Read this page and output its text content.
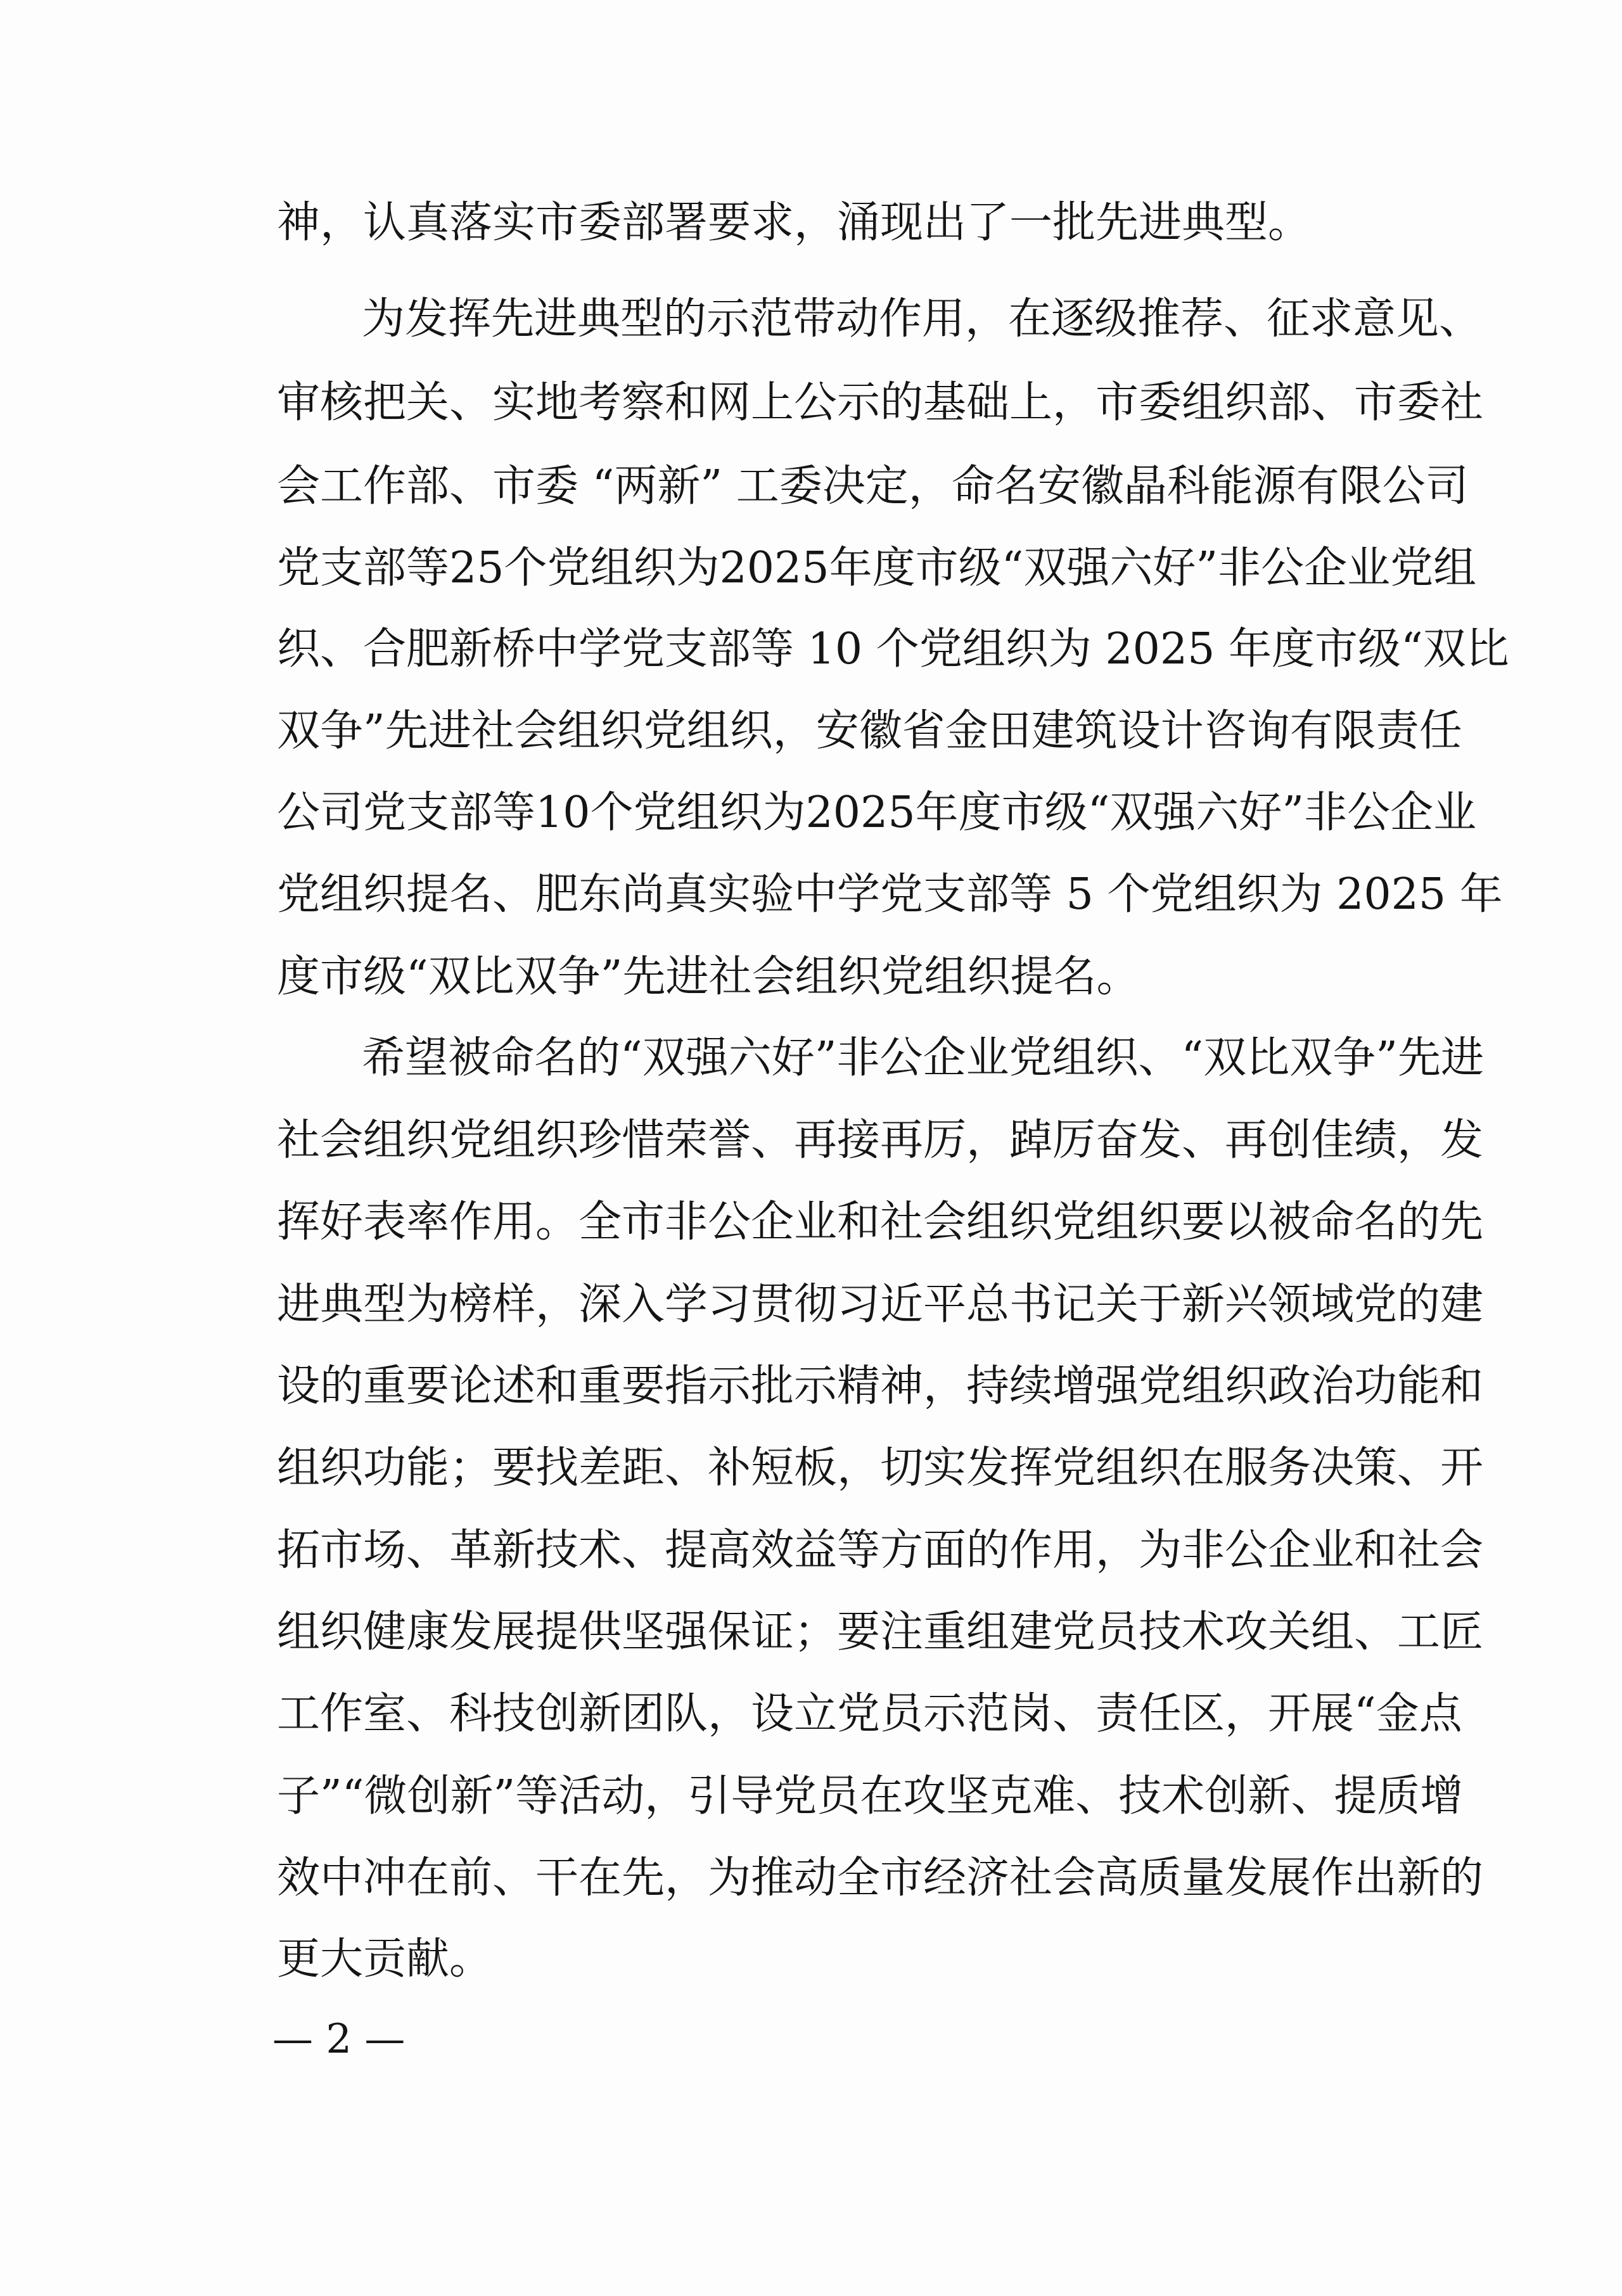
神，认真落实市委部署要求，涌现出了一批先进典型。

为发挥先进典型的示范带动作用，在逐级推荐、征求意见、

审核把关、实地考察和网上公示的基础上，市委组织部、市委社

会工作部、市委 “两新” 工委决定，命名安徽晶科能源有限公司

党支部等25个党组织为2025年度市级“双强六好”非公企业党组

织、合肥新桥中学党支部等 10 个党组织为 2025 年度市级“双比

双争”先进社会组织党组织，安徽省金田建筑设计咨询有限责任

公司党支部等10个党组织为2025年度市级“双强六好”非公企业

党组织提名、肥东尚真实验中学党支部等 5 个党组织为 2025 年

度市级“双比双争”先进社会组织党组织提名。

希望被命名的“双强六好”非公企业党组织、“双比双争”先进

社会组织党组织珍惜荣誉、再接再厉，踔厉奋发、再创佳绩，发

挥好表率作用。全市非公企业和社会组织党组织要以被命名的先

进典型为榜样，深入学习贯彻习近平总书记关于新兴领域党的建

设的重要论述和重要指示批示精神，持续增强党组织政治功能和

组织功能；要找差距、补短板，切实发挥党组织在服务决策、开

拓市场、革新技术、提高效益等方面的作用，为非公企业和社会

组织健康发展提供坚强保证；要注重组建党员技术攻关组、工匠

工作室、科技创新团队，设立党员示范岗、责任区，开展“金点

子”“微创新”等活动，引导党员在攻坚克难、技术创新、提质增

效中冲在前、干在先，为推动全市经济社会高质量发展作出新的

更大贡献。

— 2 —
